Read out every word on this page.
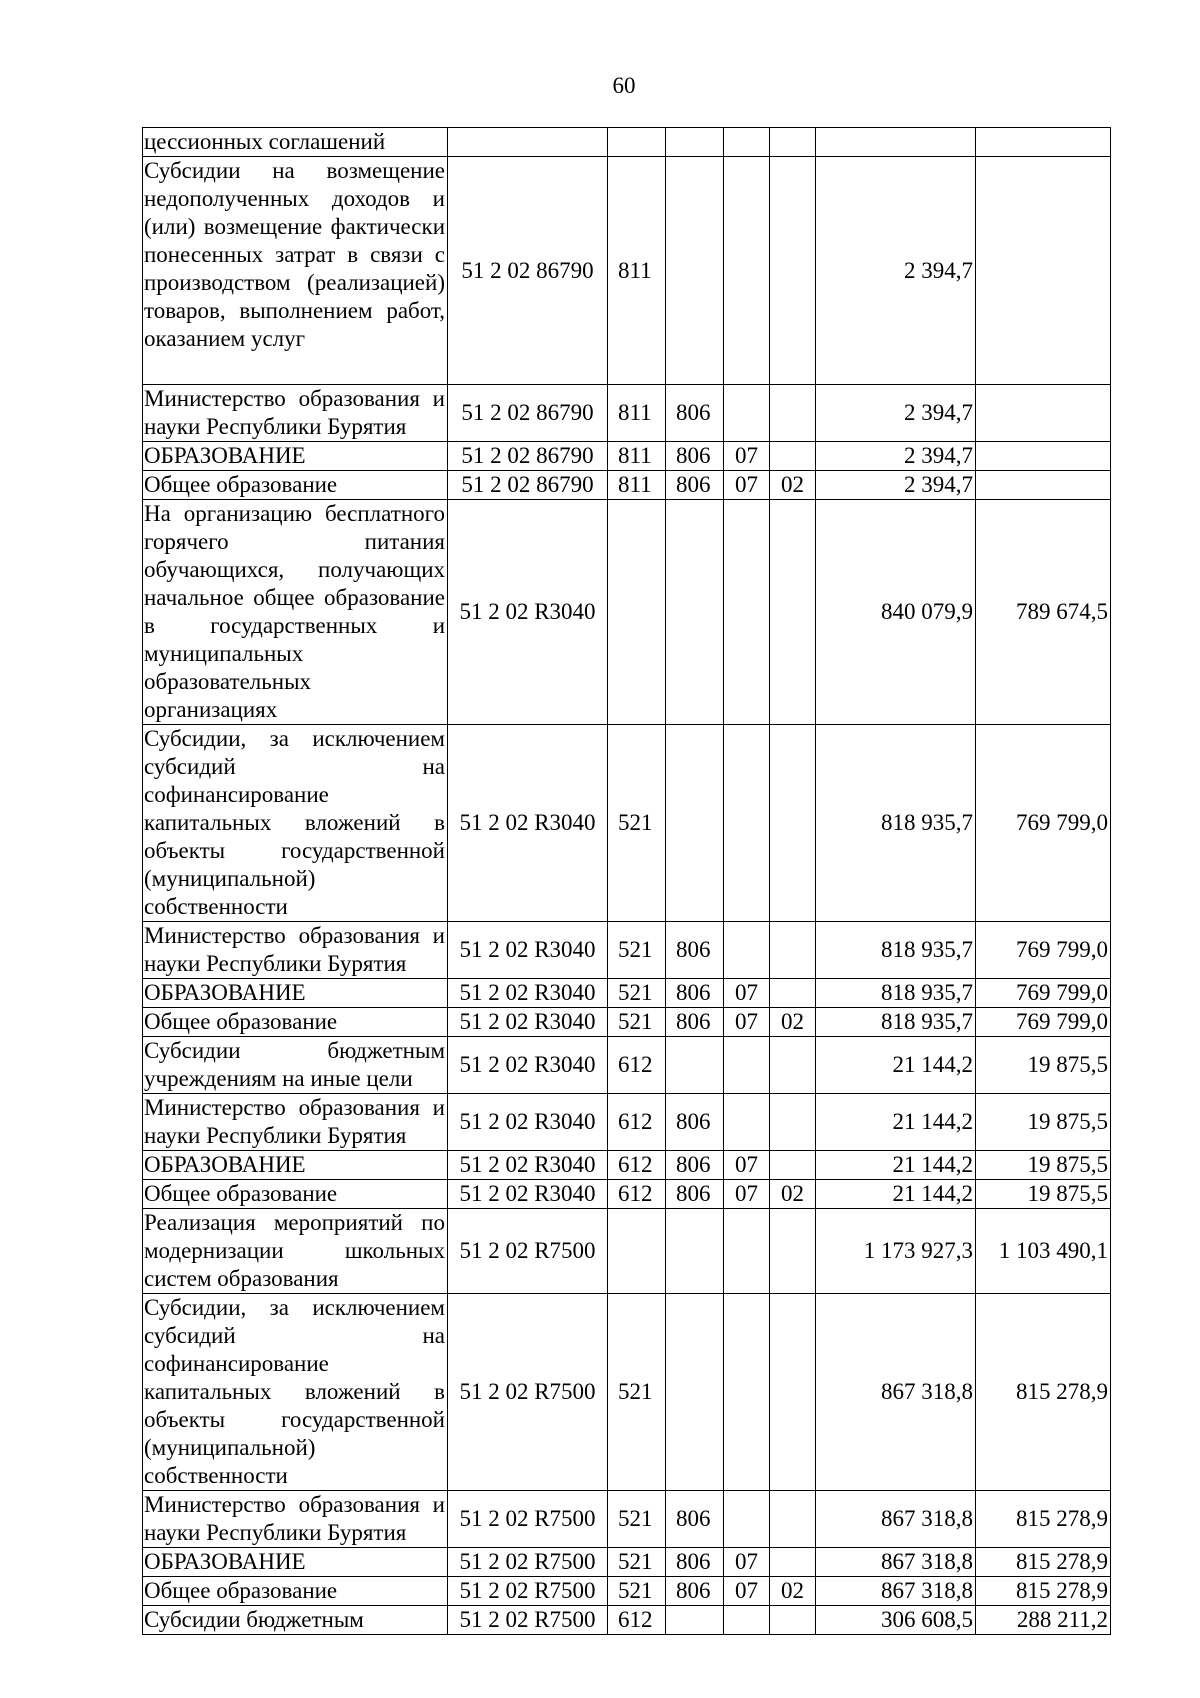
60
цессионных соглашений							
Субсидии на возмещение недополученных доходов и (или) возмещение фактически понесенных затрат в связи с производством (реализацией) товаров, выполнением работ, оказанием услуг	51 2 02 86790	811				2 394,7	
Министерство образования и науки Республики Бурятия	51 2 02 86790	811	806			2 394,7	
ОБРАЗОВАНИЕ	51 2 02 86790	811	806	07		2 394,7	
Общее образование	51 2 02 86790	811	806	07	02	2 394,7	
На организацию бесплатного горячего питания обучающихся, получающих начальное общее образование в государственных и муниципальных образовательных организациях	51 2 02 R3040					840 079,9	789 674,5
Субсидии, за исключением субсидий на софинансирование капитальных вложений в объекты государственной (муниципальной) собственности	51 2 02 R3040	521				818 935,7	769 799,0
Министерство образования и науки Республики Бурятия	51 2 02 R3040	521	806			818 935,7	769 799,0
ОБРАЗОВАНИЕ	51 2 02 R3040	521	806	07		818 935,7	769 799,0
Общее образование	51 2 02 R3040	521	806	07	02	818 935,7	769 799,0
Субсидии бюджетным учреждениям на иные цели	51 2 02 R3040	612				21 144,2	19 875,5
Министерство образования и науки Республики Бурятия	51 2 02 R3040	612	806			21 144,2	19 875,5
ОБРАЗОВАНИЕ	51 2 02 R3040	612	806	07		21 144,2	19 875,5
Общее образование	51 2 02 R3040	612	806	07	02	21 144,2	19 875,5
Реализация мероприятий по модернизации школьных систем образования	51 2 02 R7500					1 173 927,3	1 103 490,1
Субсидии, за исключением субсидий на софинансирование капитальных вложений в объекты государственной (муниципальной) собственности	51 2 02 R7500	521				867 318,8	815 278,9
Министерство образования и науки Республики Бурятия	51 2 02 R7500	521	806			867 318,8	815 278,9
ОБРАЗОВАНИЕ	51 2 02 R7500	521	806	07		867 318,8	815 278,9
Общее образование	51 2 02 R7500	521	806	07	02	867 318,8	815 278,9
Субсидии бюджетным	51 2 02 R7500	612				306 608,5	288 211,2
